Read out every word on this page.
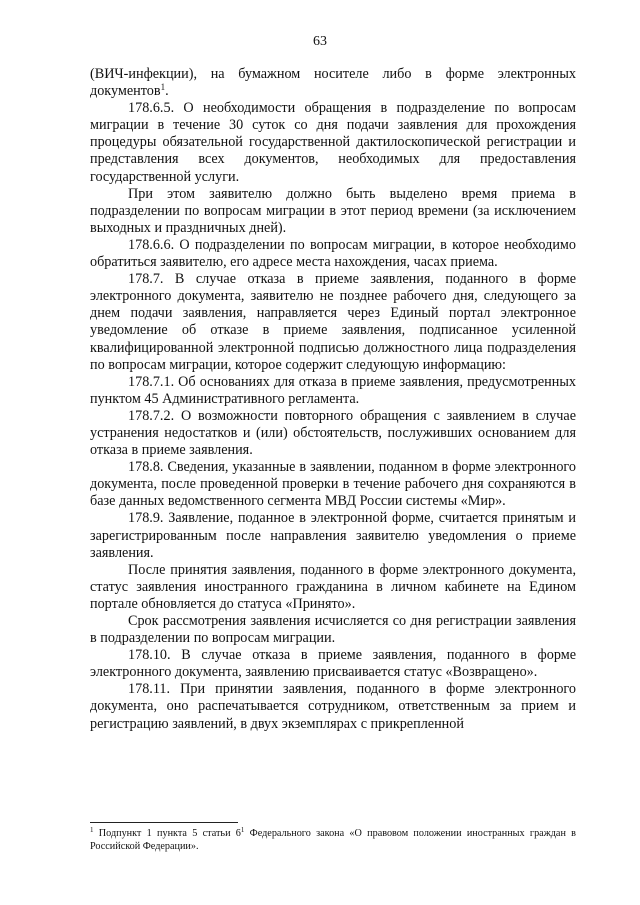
63

(ВИЧ-инфекции), на бумажном носителе либо в форме электронных документов$^1$.

178.6.5. О необходимости обращения в подразделение по вопросам миграции в течение 30 суток со дня подачи заявления для прохождения процедуры обязательной государственной дактилоскопической регистрации и представления всех документов, необходимых для предоставления государственной услуги.

При этом заявителю должно быть выделено время приема в подразделении по вопросам миграции в этот период времени (за исключением выходных и праздничных дней).

178.6.6. О подразделении по вопросам миграции, в которое необходимо обратиться заявителю, его адресе места нахождения, часах приема.

178.7. В случае отказа в приеме заявления, поданного в форме электронного документа, заявителю не позднее рабочего дня, следующего за днем подачи заявления, направляется через Единый портал электронное уведомление об отказе в приеме заявления, подписанное усиленной квалифицированной электронной подписью должностного лица подразделения по вопросам миграции, которое содержит следующую информацию:

178.7.1. Об основаниях для отказа в приеме заявления, предусмотренных пунктом 45 Административного регламента.

178.7.2. О возможности повторного обращения с заявлением в случае устранения недостатков и (или) обстоятельств, послуживших основанием для отказа в приеме заявления.

178.8. Сведения, указанные в заявлении, поданном в форме электронного документа, после проведенной проверки в течение рабочего дня сохраняются в базе данных ведомственного сегмента МВД России системы «Мир».

178.9. Заявление, поданное в электронной форме, считается принятым и зарегистрированным после направления заявителю уведомления о приеме заявления.

После принятия заявления, поданного в форме электронного документа, статус заявления иностранного гражданина в личном кабинете на Едином портале обновляется до статуса «Принято».

Срок рассмотрения заявления исчисляется со дня регистрации заявления в подразделении по вопросам миграции.

178.10. В случае отказа в приеме заявления, поданного в форме электронного документа, заявлению присваивается статус «Возвращено».

178.11. При принятии заявления, поданного в форме электронного документа, оно распечатывается сотрудником, ответственным за прием и регистрацию заявлений, в двух экземплярах с прикрепленной

$^1$ Подпункт 1 пункта 5 статьи $6^1$ Федерального закона «О правовом положении иностранных граждан в Российской Федерации».
